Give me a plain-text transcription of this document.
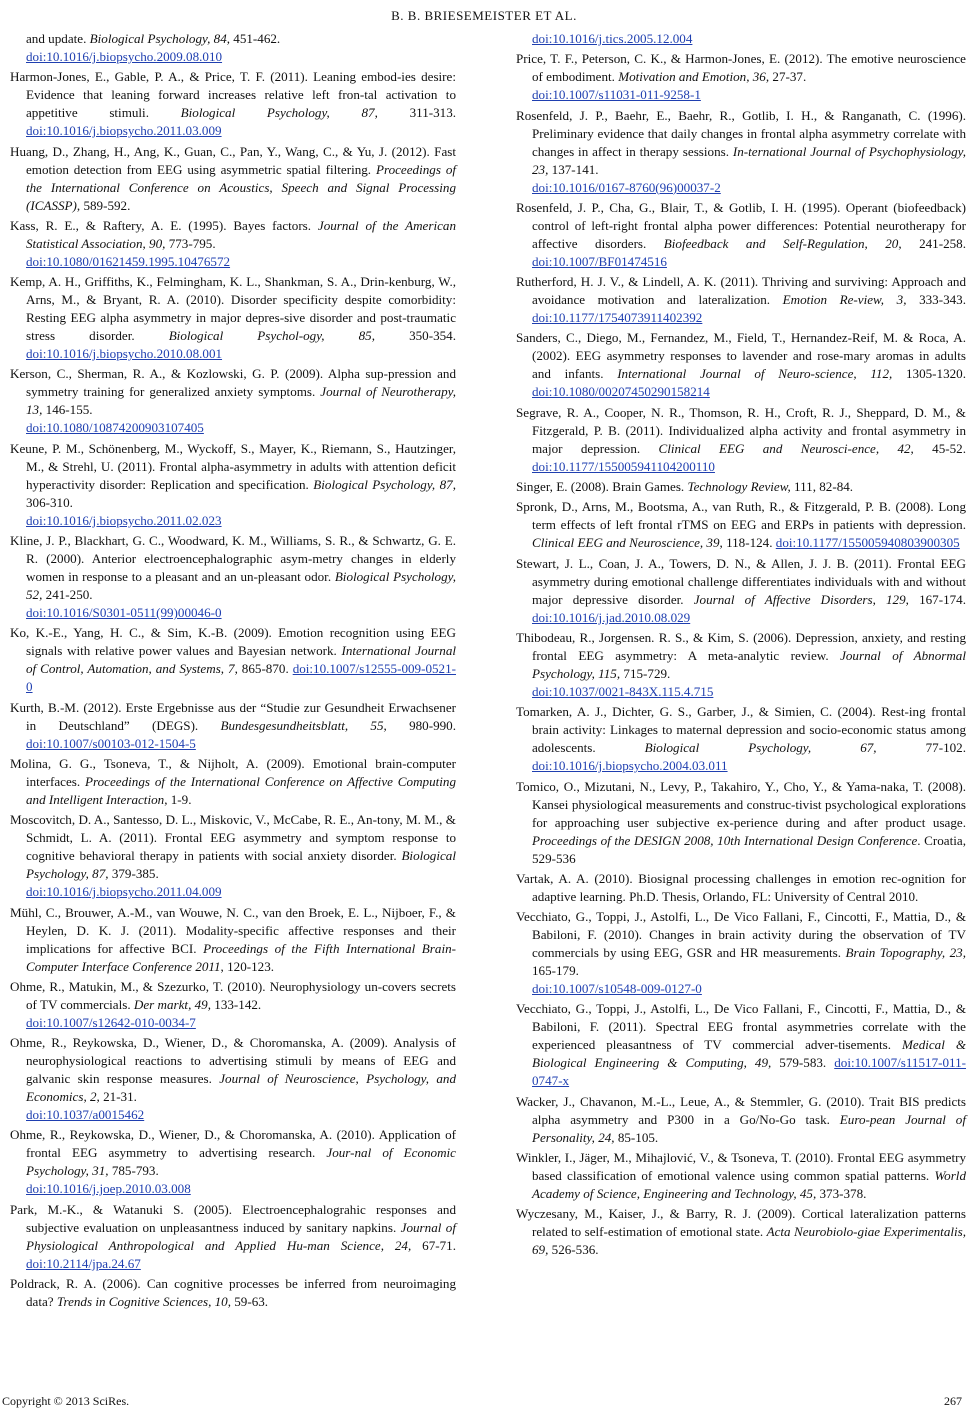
B. B. BRIESEMEISTER ET AL.
and update. Biological Psychology, 84, 451-462.
doi:10.1016/j.biopsycho.2009.08.010
Harmon-Jones, E., Gable, P. A., & Price, T. F. (2011). Leaning embod-ies desire: Evidence that leaning forward increases relative left fron-tal activation to appetitive stimuli. Biological Psychology, 87, 311-313. doi:10.1016/j.biopsycho.2011.03.009
Huang, D., Zhang, H., Ang, K., Guan, C., Pan, Y., Wang, C., & Yu, J. (2012). Fast emotion detection from EEG using asymmetric spatial filtering. Proceedings of the International Conference on Acoustics, Speech and Signal Processing (ICASSP), 589-592.
Kass, R. E., & Raftery, A. E. (1995). Bayes factors. Journal of the American Statistical Association, 90, 773-795.
doi:10.1080/01621459.1995.10476572
Kemp, A. H., Griffiths, K., Felmingham, K. L., Shankman, S. A., Drin-kenburg, W., Arns, M., & Bryant, R. A. (2010). Disorder specificity despite comorbidity: Resting EEG alpha asymmetry in major depres-sive disorder and post-traumatic stress disorder. Biological Psychol-ogy, 85, 350-354. doi:10.1016/j.biopsycho.2010.08.001
Kerson, C., Sherman, R. A., & Kozlowski, G. P. (2009). Alpha sup-pression and symmetry training for generalized anxiety symptoms. Journal of Neurotherapy, 13, 146-155.
doi:10.1080/10874200903107405
Keune, P. M., Schönenberg, M., Wyckoff, S., Mayer, K., Riemann, S., Hautzinger, M., & Strehl, U. (2011). Frontal alpha-asymmetry in adults with attention deficit hyperactivity disorder: Replication and specification. Biological Psychology, 87, 306-310.
doi:10.1016/j.biopsycho.2011.02.023
Kline, J. P., Blackhart, G. C., Woodward, K. M., Williams, S. R., & Schwartz, G. E. R. (2000). Anterior electroencephalographic asym-metry changes in elderly women in response to a pleasant and an un-pleasant odor. Biological Psychology, 52, 241-250.
doi:10.1016/S0301-0511(99)00046-0
Ko, K.-E., Yang, H. C., & Sim, K.-B. (2009). Emotion recognition using EEG signals with relative power values and Bayesian network. International Journal of Control, Automation, and Systems, 7, 865-870. doi:10.1007/s12555-009-0521-0
Kurth, B.-M. (2012). Erste Ergebnisse aus der “Studie zur Gesundheit Erwachsener in Deutschland” (DEGS). Bundesgesundheitsblatt, 55, 980-990. doi:10.1007/s00103-012-1504-5
Molina, G. G., Tsoneva, T., & Nijholt, A. (2009). Emotional brain-computer interfaces. Proceedings of the International Conference on Affective Computing and Intelligent Interaction, 1-9.
Moscovitch, D. A., Santesso, D. L., Miskovic, V., McCabe, R. E., An-tony, M. M., & Schmidt, L. A. (2011). Frontal EEG asymmetry and symptom response to cognitive behavioral therapy in patients with social anxiety disorder. Biological Psychology, 87, 379-385.
doi:10.1016/j.biopsycho.2011.04.009
Mühl, C., Brouwer, A.-M., van Wouwe, N. C., van den Broek, E. L., Nijboer, F., & Heylen, D. K. J. (2011). Modality-specific affective responses and their implications for affective BCI. Proceedings of the Fifth International Brain-Computer Interface Conference 2011, 120-123.
Ohme, R., Matukin, M., & Szezurko, T. (2010). Neurophysiology un-covers secrets of TV commercials. Der markt, 49, 133-142.
doi:10.1007/s12642-010-0034-7
Ohme, R., Reykowska, D., Wiener, D., & Choromanska, A. (2009). Analysis of neurophysiological reactions to advertising stimuli by means of EEG and galvanic skin response measures. Journal of Neuroscience, Psychology, and Economics, 2, 21-31.
doi:10.1037/a0015462
Ohme, R., Reykowska, D., Wiener, D., & Choromanska, A. (2010). Application of frontal EEG asymmetry to advertising research. Jour-nal of Economic Psychology, 31, 785-793.
doi:10.1016/j.joep.2010.03.008
Park, M.-K., & Watanuki S. (2005). Electroencephalograhic responses and subjective evaluation on unpleasantness induced by sanitary napkins. Journal of Physiological Anthropological and Applied Hu-man Science, 24, 67-71. doi:10.2114/jpa.24.67
Poldrack, R. A. (2006). Can cognitive processes be inferred from neuroimaging data? Trends in Cognitive Sciences, 10, 59-63.
doi:10.1016/j.tics.2005.12.004
Price, T. F., Peterson, C. K., & Harmon-Jones, E. (2012). The emotive neuroscience of embodiment. Motivation and Emotion, 36, 27-37.
doi:10.1007/s11031-011-9258-1
Rosenfeld, J. P., Baehr, E., Baehr, R., Gotlib, I. H., & Ranganath, C. (1996). Preliminary evidence that daily changes in frontal alpha asymmetry correlate with changes in affect in therapy sessions. In-ternational Journal of Psychophysiology, 23, 137-141.
doi:10.1016/0167-8760(96)00037-2
Rosenfeld, J. P., Cha, G., Blair, T., & Gotlib, I. H. (1995). Operant (biofeedback) control of left-right frontal alpha power differences: Potential neurotherapy for affective disorders. Biofeedback and Self-Regulation, 20, 241-258. doi:10.1007/BF01474516
Rutherford, H. J. V., & Lindell, A. K. (2011). Thriving and surviving: Approach and avoidance motivation and lateralization. Emotion Re-view, 3, 333-343. doi:10.1177/1754073911402392
Sanders, C., Diego, M., Fernandez, M., Field, T., Hernandez-Reif, M. & Roca, A. (2002). EEG asymmetry responses to lavender and rose-mary aromas in adults and infants. International Journal of Neuro-science, 112, 1305-1320. doi:10.1080/00207450290158214
Segrave, R. A., Cooper, N. R., Thomson, R. H., Croft, R. J., Sheppard, D. M., & Fitzgerald, P. B. (2011). Individualized alpha activity and frontal asymmetry in major depression. Clinical EEG and Neurosci-ence, 42, 45-52. doi:10.1177/155005941104200110
Singer, E. (2008). Brain Games. Technology Review, 111, 82-84.
Spronk, D., Arns, M., Bootsma, A., van Ruth, R., & Fitzgerald, P. B. (2008). Long term effects of left frontal rTMS on EEG and ERPs in patients with depression. Clinical EEG and Neuroscience, 39, 118-124. doi:10.1177/155005940803900305
Stewart, J. L., Coan, J. A., Towers, D. N., & Allen, J. J. B. (2011). Frontal EEG asymmetry during emotional challenge differentiates individuals with and without major depressive disorder. Journal of Affective Disorders, 129, 167-174. doi:10.1016/j.jad.2010.08.029
Thibodeau, R., Jorgensen. R. S., & Kim, S. (2006). Depression, anxiety, and resting frontal EEG asymmetry: A meta-analytic review. Journal of Abnormal Psychology, 115, 715-729.
doi:10.1037/0021-843X.115.4.715
Tomarken, A. J., Dichter, G. S., Garber, J., & Simien, C. (2004). Rest-ing frontal brain activity: Linkages to maternal depression and socio-economic status among adolescents. Biological Psychology, 67, 77-102. doi:10.1016/j.biopsycho.2004.03.011
Tomico, O., Mizutani, N., Levy, P., Takahiro, Y., Cho, Y., & Yama-naka, T. (2008). Kansei physiological measurements and construc-tivist psychological explorations for approaching user subjective ex-perience during and after product usage. Proceedings of the DESIGN 2008, 10th International Design Conference. Croatia, 529-536
Vartak, A. A. (2010). Biosignal processing challenges in emotion rec-ognition for adaptive learning. Ph.D. Thesis, Orlando, FL: University of Central 2010.
Vecchiato, G., Toppi, J., Astolfi, L., De Vico Fallani, F., Cincotti, F., Mattia, D., & Babiloni, F. (2010). Changes in brain activity during the observation of TV commercials by using EEG, GSR and HR measurements. Brain Topography, 23, 165-179.
doi:10.1007/s10548-009-0127-0
Vecchiato, G., Toppi, J., Astolfi, L., De Vico Fallani, F., Cincotti, F., Mattia, D., & Babiloni, F. (2011). Spectral EEG frontal asymmetries correlate with the experienced pleasantness of TV commercial adver-tisements. Medical & Biological Engineering & Computing, 49, 579-583. doi:10.1007/s11517-011-0747-x
Wacker, J., Chavanon, M.-L., Leue, A., & Stemmler, G. (2010). Trait BIS predicts alpha asymmetry and P300 in a Go/No-Go task. Euro-pean Journal of Personality, 24, 85-105.
Winkler, I., Jäger, M., Mihajlović, V., & Tsoneva, T. (2010). Frontal EEG asymmetry based classification of emotional valence using common spatial patterns. World Academy of Science, Engineering and Technology, 45, 373-378.
Wyczesany, M., Kaiser, J., & Barry, R. J. (2009). Cortical lateralization patterns related to self-estimation of emotional state. Acta Neurobiolo-giae Experimentalis, 69, 526-536.
Copyright © 2013 SciRes.	267
